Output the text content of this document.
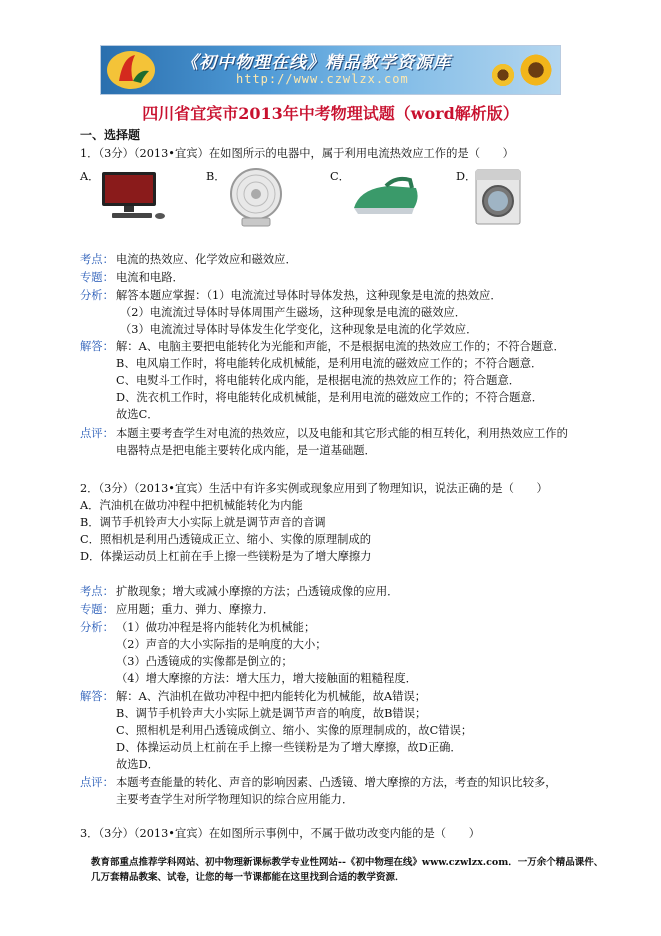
《初中物理在线》精品教学资源库
http://www.czwlzx.com
四川省宜宾市2013年中考物理试题（word解析版）
一、选择题
1．（3分）（2013•宜宾）在如图所示的电器中，属于利用电流热效应工作的是（　　）
A．	B．	C．	D．
考点： 电流的热效应、化学效应和磁效应．
专题： 电流和电路．
分析： 解答本题应掌握：（1）电流流过导体时导体发热，这种现象是电流的热效应．
（2）电流流过导体时导体周围产生磁场，这种现象是电流的磁效应．
（3）电流流过导体时导体发生化学变化，这种现象是电流的化学效应．
解答： 解：A、电脑主要把电能转化为光能和声能，不是根据电流的热效应工作的；不符合题意．
B、电风扇工作时，将电能转化成机械能，是利用电流的磁效应工作的；不符合题意．
C、电熨斗工作时，将电能转化成内能，是根据电流的热效应工作的；符合题意．
D、洗衣机工作时，将电能转化成机械能，是利用电流的磁效应工作的；不符合题意．
故选C．
点评： 本题主要考查学生对电流的热效应，以及电能和其它形式能的相互转化，利用热效应工作的
电器特点是把电能主要转化成内能，是一道基础题．
2．（3分）（2013•宜宾）生活中有许多实例或现象应用到了物理知识，说法正确的是（　　）
A．汽油机在做功冲程中把机械能转化为内能
B．调节手机铃声大小实际上就是调节声音的音调
C．照相机是利用凸透镜成正立、缩小、实像的原理制成的
D．体操运动员上杠前在手上擦一些镁粉是为了增大摩擦力
考点： 扩散现象；增大或减小摩擦的方法；凸透镜成像的应用．
专题： 应用题；重力、弹力、摩擦力．
分析： （1）做功冲程是将内能转化为机械能；
（2）声音的大小实际指的是响度的大小；
（3）凸透镜成的实像都是倒立的；
（4）增大摩擦的方法：增大压力，增大接触面的粗糙程度．
解答： 解：A、汽油机在做功冲程中把内能转化为机械能，故A错误；
B、调节手机铃声大小实际上就是调节声音的响度，故B错误；
C、照相机是利用凸透镜成倒立、缩小、实像的原理制成的，故C错误；
D、体操运动员上杠前在手上擦一些镁粉是为了增大摩擦，故D正确．
故选D．
点评： 本题考查能量的转化、声音的影响因素、凸透镜、增大摩擦的方法，考查的知识比较多，
主要考查学生对所学物理知识的综合应用能力．
3．（3分）（2013•宜宾）在如图所示事例中，不属于做功改变内能的是（　　）
教育部重点推荐学科网站、初中物理新课标教学专业性网站--《初中物理在线》www.czwlzx.com．一万余个精品课件、
几万套精品教案、试卷，让您的每一节课都能在这里找到合适的教学资源．
